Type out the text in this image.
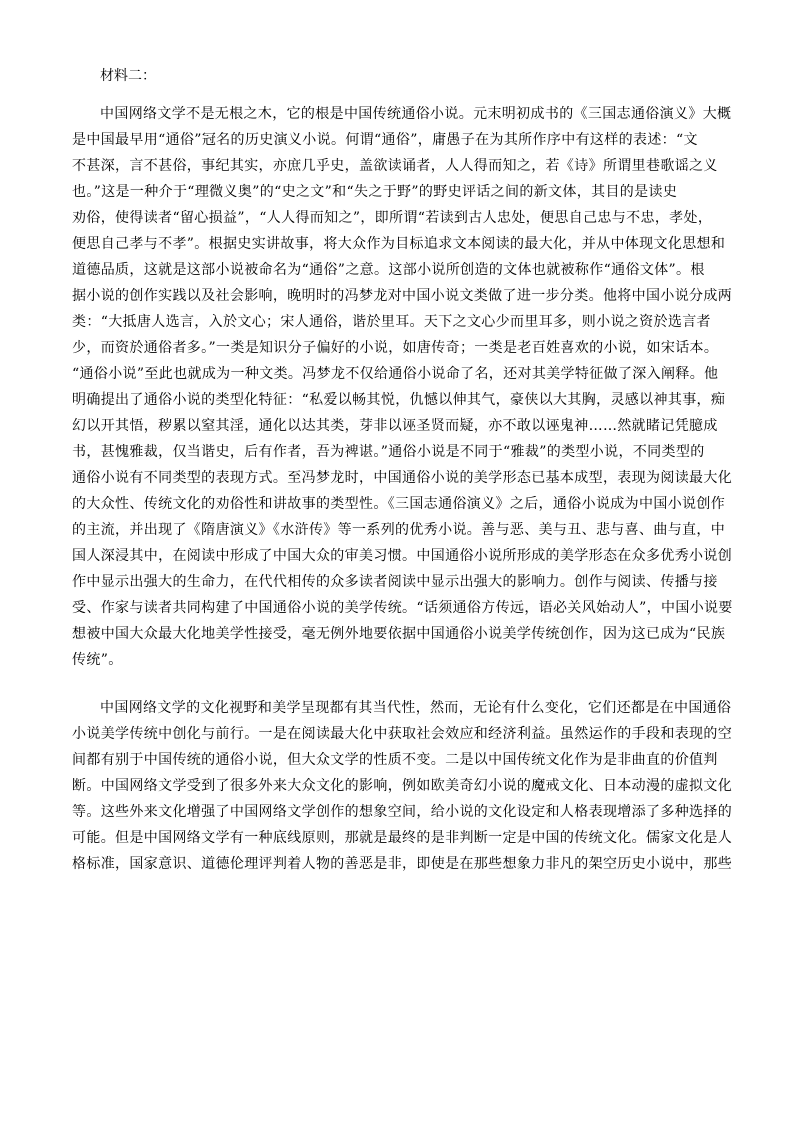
材料二：
中国网络文学不是无根之木，它的根是中国传统通俗小说。元末明初成书的《三国志通俗演义》大概
是中国最早用“通俗”冠名的历史演义小说。何谓“通俗”，庸愚子在为其所作序中有这样的表述：“文
不甚深，言不甚俗，事纪其实，亦庶几乎史，盖欲读诵者，人人得而知之，若《诗》所谓里巷歌谣之义
也。”这是一种介于“理微义奥”的“史之文”和“失之于野”的野史评话之间的新文体，其目的是读史
劝俗，使得读者“留心损益”，“人人得而知之”，即所谓“若读到古人忠处，便思自己忠与不忠，孝处，
便思自己孝与不孝”。根据史实讲故事，将大众作为目标追求文本阅读的最大化，并从中体现文化思想和
道德品质，这就是这部小说被命名为“通俗”之意。这部小说所创造的文体也就被称作“通俗文体”。根
据小说的创作实践以及社会影响，晚明时的冯梦龙对中国小说文类做了进一步分类。他将中国小说分成两
类：“大抵唐人选言，入於文心；宋人通俗，谐於里耳。天下之文心少而里耳多，则小说之资於选言者
少，而资於通俗者多。”一类是知识分子偏好的小说，如唐传奇；一类是老百姓喜欢的小说，如宋话本。
“通俗小说”至此也就成为一种文类。冯梦龙不仅给通俗小说命了名，还对其美学特征做了深入阐释。他
明确提出了通俗小说的类型化特征：“私爱以畅其悦，仇憾以伸其气，豪侠以大其胸，灵感以神其事，痴
幻以开其悟，秽累以窒其淫，通化以达其类，芽非以诬圣贤而疑，亦不敢以诬鬼神……然就睹记凭臆成
书，甚愧雅裁，仅当谐史，后有作者，吾为裨谌。”通俗小说是不同于“雅裁”的类型小说，不同类型的
通俗小说有不同类型的表现方式。至冯梦龙时，中国通俗小说的美学形态已基本成型，表现为阅读最大化
的大众性、传统文化的劝俗性和讲故事的类型性。《三国志通俗演义》之后，通俗小说成为中国小说创作
的主流，并出现了《隋唐演义》《水浒传》等一系列的优秀小说。善与恶、美与丑、悲与喜、曲与直，中
国人深浸其中，在阅读中形成了中国大众的审美习惯。中国通俗小说所形成的美学形态在众多优秀小说创
作中显示出强大的生命力，在代代相传的众多读者阅读中显示出强大的影响力。创作与阅读、传播与接
受、作家与读者共同构建了中国通俗小说的美学传统。“话须通俗方传远，语必关风始动人”，中国小说要
想被中国大众最大化地美学性接受，毫无例外地要依据中国通俗小说美学传统创作，因为这已成为“民族
传统”。
中国网络文学的文化视野和美学呈现都有其当代性，然而，无论有什么变化，它们还都是在中国通俗
小说美学传统中创化与前行。一是在阅读最大化中获取社会效应和经济利益。虽然运作的手段和表现的空
间都有别于中国传统的通俗小说，但大众文学的性质不变。二是以中国传统文化作为是非曲直的价值判
断。中国网络文学受到了很多外来大众文化的影响，例如欧美奇幻小说的魔戒文化、日本动漫的虚拟文化
等。这些外来文化增强了中国网络文学创作的想象空间，给小说的文化设定和人格表现增添了多种选择的
可能。但是中国网络文学有一种底线原则，那就是最终的是非判断一定是中国的传统文化。儒家文化是人
格标准，国家意识、道德伦理评判着人物的善恶是非，即使是在那些想象力非凡的架空历史小说中，那些
